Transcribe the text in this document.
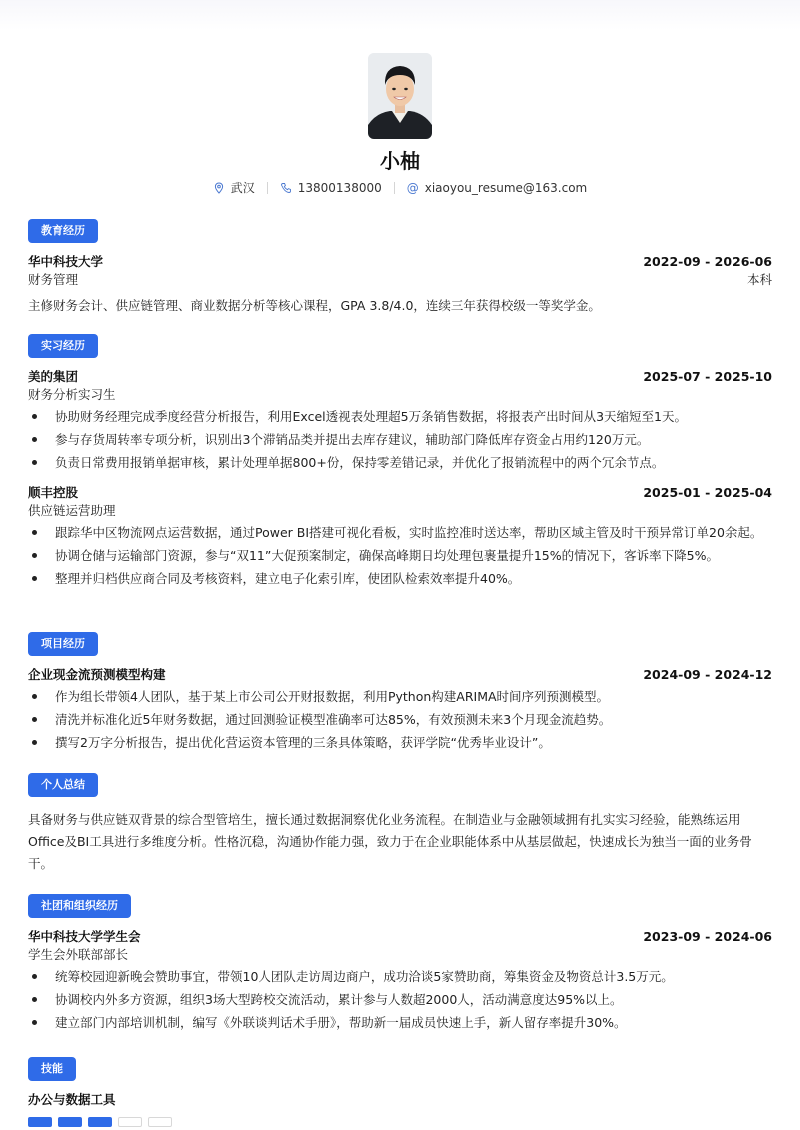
小柚
武汉	13800138000 @ xiaoyou_resume@163.com
教育经历
华中科技大学	2022-09 - 2026-06
财务管理	本科
主修财务会计、供应链管理、商业数据分析等核心课程，GPA 3.8/4.0，连续三年获得校级一等奖学金。
实习经历
美的集团	2025-07 - 2025-10
财务分析实习生
协助财务经理完成季度经营分析报告，利用Excel透视表处理超5万条销售数据，将报表产出时间从3天缩短至1天。
参与存货周转率专项分析，识别出3个滞销品类并提出去库存建议，辅助部门降低库存资金占用约120万元。
负责日常费用报销单据审核，累计处理单据800+份，保持零差错记录，并优化了报销流程中的两个冗余节点。
顺丰控股	2025-01 - 2025-04
供应链运营助理
跟踪华中区物流网点运营数据，通过Power BI搭建可视化看板，实时监控准时送达率，帮助区域主管及时干预异常订单20余起。
协调仓储与运输部门资源，参与“双11”大促预案制定，确保高峰期日均处理包裹量提升15%的情况下，客诉率下降5%。
整理并归档供应商合同及考核资料，建立电子化索引库，使团队检索效率提升40%。
项目经历
企业现金流预测模型构建	2024-09 - 2024-12
作为组长带领4人团队，基于某上市公司公开财报数据，利用Python构建ARIMA时间序列预测模型。
清洗并标准化近5年财务数据，通过回测验证模型准确率可达85%，有效预测未来3个月现金流趋势。
撰写2万字分析报告，提出优化营运资本管理的三条具体策略，获评学院“优秀毕业设计”。
个人总结
具备财务与供应链双背景的综合型管培生，擅长通过数据洞察优化业务流程。在制造业与金融领域拥有扎实实习经验，能熟练运用Office及BI工具进行多维度分析。性格沉稳，沟通协作能力强，致力于在企业职能体系中从基层做起，快速成长为独当一面的业务骨干。
社团和组织经历
华中科技大学学生会	2023-09 - 2024-06
学生会外联部部长
统筹校园迎新晚会赞助事宜，带领10人团队走访周边商户，成功洽谈5家赞助商，筹集资金及物资总计3.5万元。
协调校内外多方资源，组织3场大型跨校交流活动，累计参与人数超2000人，活动满意度达95%以上。
建立部门内部培训机制，编写《外联谈判话术手册》，帮助新一届成员快速上手，新人留存率提升30%。
技能
办公与数据工具
